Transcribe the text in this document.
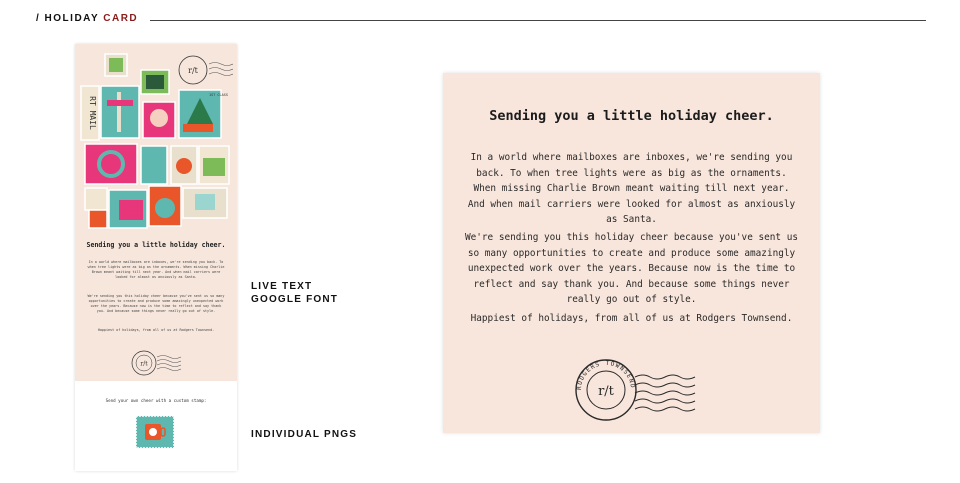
/ HOLIDAY CARD
r/t
RT MAIL
1ST CLASS
Sending you a little holiday cheer.
In a world where mailboxes are inboxes, we're sending you back. To when tree lights were as big as the ornaments. When missing Charlie Brown meant waiting till next year. And when mail carriers were looked for almost as anxiously as Santa.
We're sending you this holiday cheer because you've sent us so many opportunities to create and produce some amazingly unexpected work over the years. Because now is the time to reflect and say thank you. And because some things never really go out of style.
Happiest of holidays, from all of us at Rodgers Townsend.
r/t
Send your own cheer with a custom stamp:
LIVE TEXT
GOOGLE FONT
INDIVIDUAL PNGS
Sending you a little holiday cheer.
In a world where mailboxes are inboxes, we're sending you back. To when tree lights were as big as the ornaments. When missing Charlie Brown meant waiting till next year. And when mail carriers were looked for almost as anxiously as Santa.
We're sending you this holiday cheer because you've sent us so many opportunities to create and produce some amazingly unexpected work over the years. Because now is the time to reflect and say thank you. And because some things never really go out of style.
Happiest of holidays, from all of us at Rodgers Townsend.
RODGERS TOWNSEND
r/t
